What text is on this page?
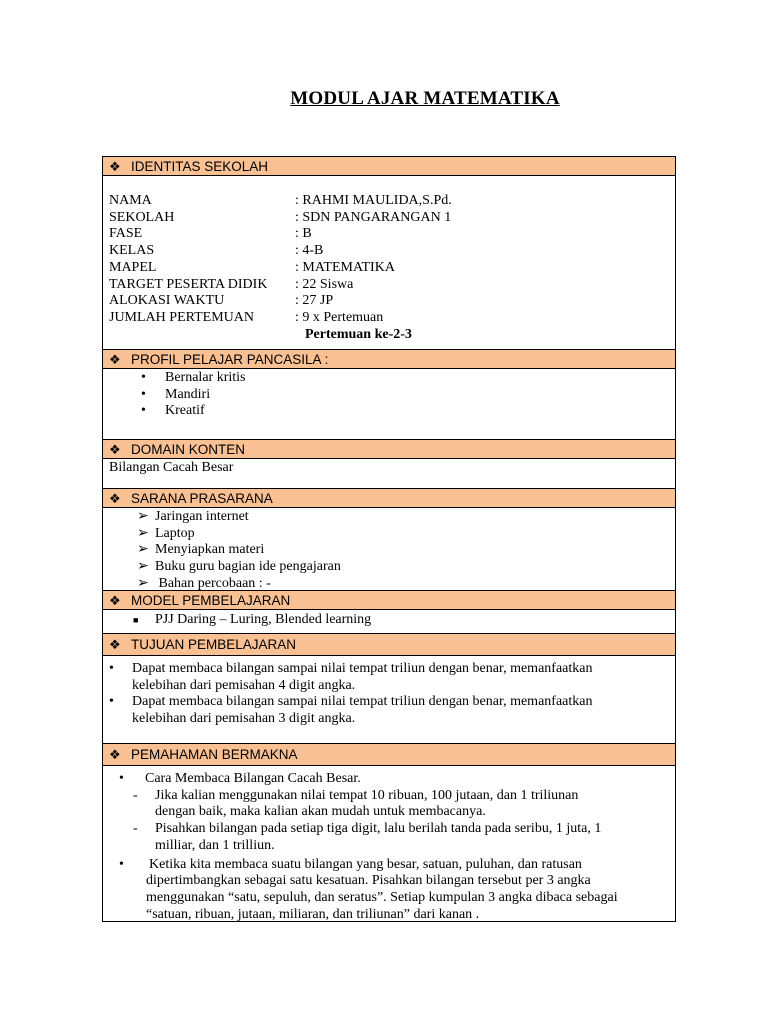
MODUL AJAR MATEMATIKA
❖ IDENTITAS SEKOLAH
NAMA	: RAHMI MAULIDA,S.Pd.
SEKOLAH	: SDN PANGARANGAN 1
FASE	: B
KELAS	: 4-B
MAPEL	: MATEMATIKA
TARGET PESERTA DIDIK	: 22 Siswa
ALOKASI WAKTU	: 27 JP
JUMLAH PERTEMUAN	: 9 x Pertemuan
Pertemuan ke-2-3
❖ PROFIL PELAJAR PANCASILA :
• Bernalar kritis
• Mandiri
• Kreatif
❖ DOMAIN KONTEN
Bilangan Cacah Besar
❖ SARANA PRASARANA
➢ Jaringan internet
➢ Laptop
➢ Menyiapkan materi
➢ Buku guru bagian ide pengajaran
➢ Bahan percobaan : -
❖ MODEL PEMBELAJARAN
■ PJJ Daring – Luring, Blended learning
❖ TUJUAN PEMBELAJARAN
• Dapat membaca bilangan sampai nilai tempat triliun dengan benar, memanfaatkan
kelebihan dari pemisahan 4 digit angka.
• Dapat membaca bilangan sampai nilai tempat triliun dengan benar, memanfaatkan
kelebihan dari pemisahan 3 digit angka.
❖ PEMAHAMAN BERMAKNA
• Cara Membaca Bilangan Cacah Besar.
- Jika kalian menggunakan nilai tempat 10 ribuan, 100 jutaan, dan 1 triliunan
dengan baik, maka kalian akan mudah untuk membacanya.
- Pisahkan bilangan pada setiap tiga digit, lalu berilah tanda pada seribu, 1 juta, 1
milliar, dan 1 trilliun.
• Ketika kita membaca suatu bilangan yang besar, satuan, puluhan, dan ratusan
dipertimbangkan sebagai satu kesatuan. Pisahkan bilangan tersebut per 3 angka
menggunakan “satu, sepuluh, dan seratus”. Setiap kumpulan 3 angka dibaca sebagai
“satuan, ribuan, jutaan, miliaran, dan triliunan” dari kanan .
